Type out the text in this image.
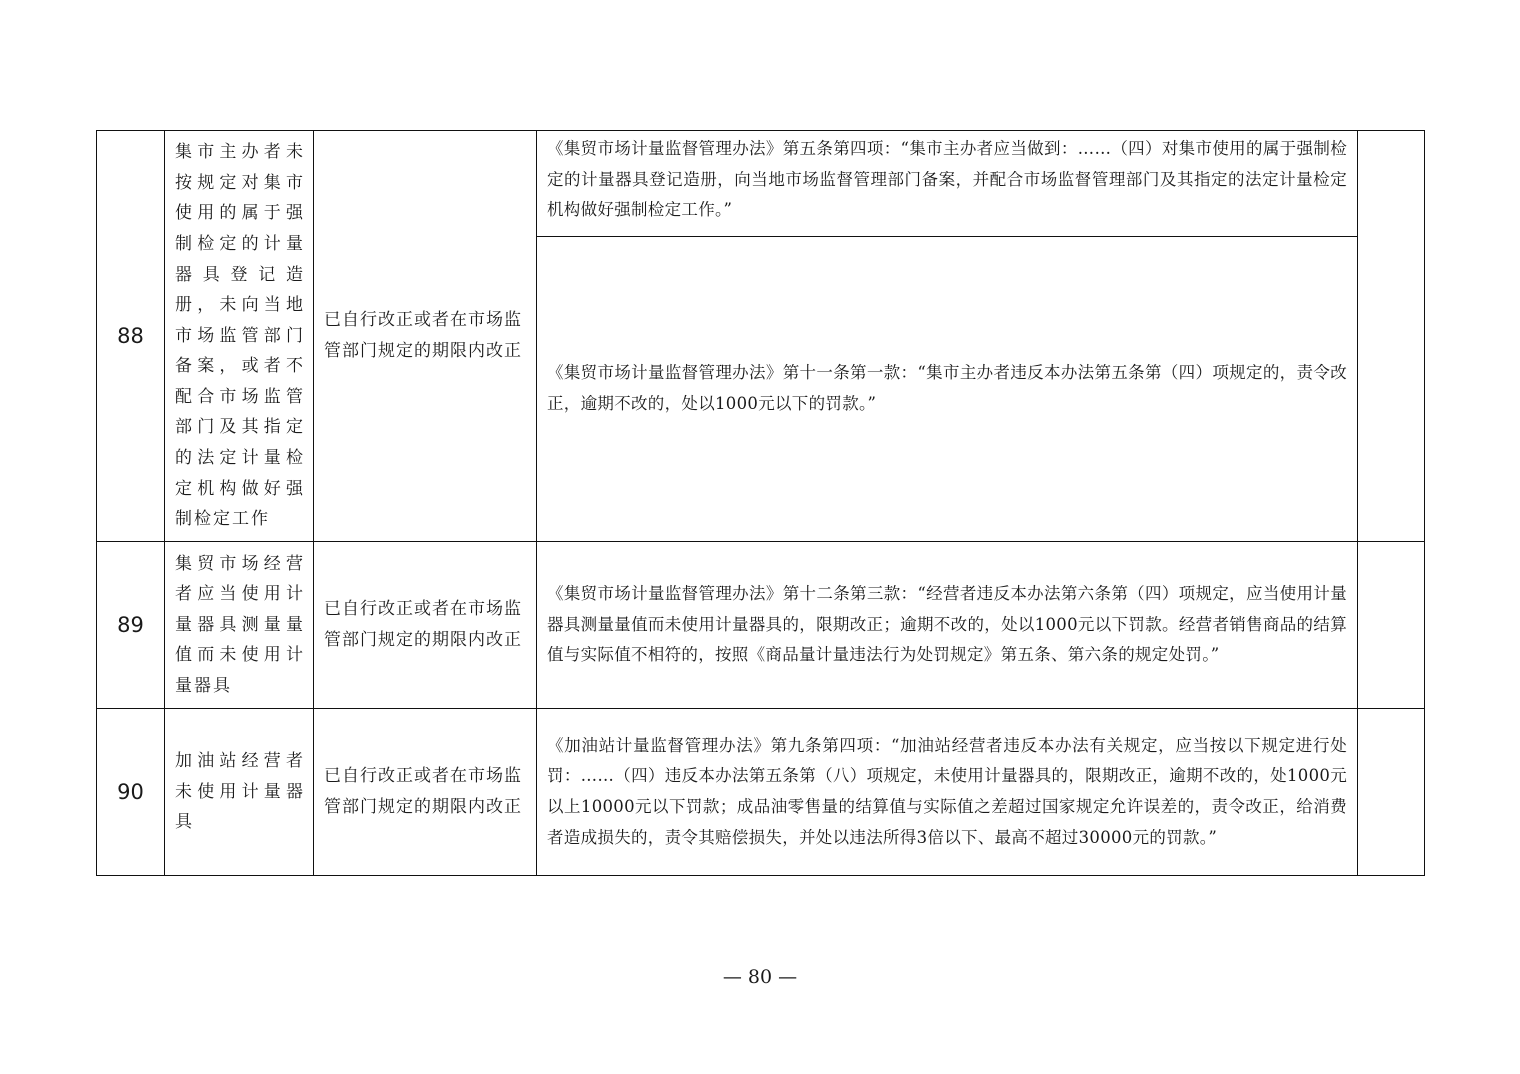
88	集市主办者未按规定对集市使用的属于强制检定的计量器具登记造册，未向当地市场监管部门备案，或者不配合市场监管部门及其指定的法定计量检定机构做好强制检定工作	已自行改正或者在市场监管部门规定的期限内改正	《集贸市场计量监督管理办法》第五条第四项：“集市主办者应当做到：……（四）对集市使用的属于强制检定的计量器具登记造册，向当地市场监督管理部门备案，并配合市场监督管理部门及其指定的法定计量检定机构做好强制检定工作。”	
			《集贸市场计量监督管理办法》第十一条第一款：“集市主办者违反本办法第五条第（四）项规定的，责令改正，逾期不改的，处以1000元以下的罚款。”	
89	集贸市场经营者应当使用计量器具测量量值而未使用计量器具	已自行改正或者在市场监管部门规定的期限内改正	《集贸市场计量监督管理办法》第十二条第三款：“经营者违反本办法第六条第（四）项规定，应当使用计量器具测量量值而未使用计量器具的，限期改正；逾期不改的，处以1000元以下罚款。经营者销售商品的结算值与实际值不相符的，按照《商品量计量违法行为处罚规定》第五条、第六条的规定处罚。”	
90	加油站经营者未使用计量器具	已自行改正或者在市场监管部门规定的期限内改正	《加油站计量监督管理办法》第九条第四项：“加油站经营者违反本办法有关规定，应当按以下规定进行处罚：……（四）违反本办法第五条第（八）项规定，未使用计量器具的，限期改正，逾期不改的，处1000元以上10000元以下罚款；成品油零售量的结算值与实际值之差超过国家规定允许误差的，责令改正，给消费者造成损失的，责令其赔偿损失，并处以违法所得3倍以下、最高不超过30000元的罚款。”	
— 80 —
